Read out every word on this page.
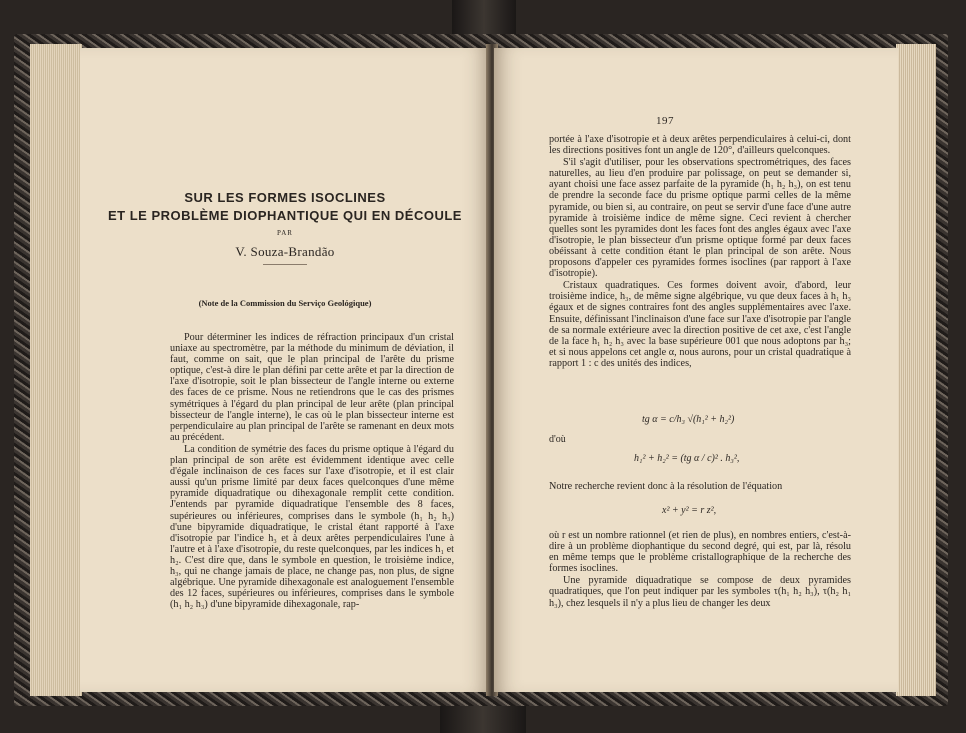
SUR LES FORMES ISOCLINES
ET LE PROBLÈME DIOPHANTIQUE QUI EN DÉCOULE
PAR
V. Souza-Brandão
(Note de la Commission du Serviço Geológique)

Pour déterminer les indices de réfraction principaux d'un cristal uniaxe au spectromètre, par la méthode du minimum de déviation, il faut, comme on sait, que le plan principal de l'arête du prisme optique, c'est-à dire le plan défini par cette arête et par la direction de l'axe d'isotropie, soit le plan bissecteur de l'angle interne ou externe des faces de ce prisme. Nous ne retiendrons que le cas des prismes symétriques à l'égard du plan principal de leur arête (plan principal bissecteur de l'angle interne), le cas où le plan bissecteur interne est perpendiculaire au plan principal de l'arête se ramenant en deux mots au précédent.

La condition de symétrie des faces du prisme optique à l'égard du plan principal de son arête est évidemment identique avec celle d'égale inclinaison de ces faces sur l'axe d'isotropie, et il est clair aussi qu'un prisme limité par deux faces quelconques d'une même pyramide diquadratique ou dihexagonale remplit cette condition. J'entends par pyramide diquadratique l'ensemble des 8 faces, supérieures ou inférieures, comprises dans le symbole (h₁ h₂ h₃) d'une bipyramide diquadratique, le cristal étant rapporté à l'axe d'isotropie par l'indice h₃ et à deux arêtes perpendiculaires l'une à l'autre et à l'axe d'isotropie, du reste quelconques, par les indices h₁ et h₂. C'est dire que, dans le symbole en question, le troisième indice, h₃, qui ne change jamais de place, ne change pas, non plus, de signe algébrique. Une pyramide dihexagonale est analoguement l'ensemble des 12 faces, supérieures ou inférieures, comprises dans le symbole (h₁ h₂ h₃) d'une bipyramide dihexagonale, rap-

197

portée à l'axe d'isotropie et à deux arêtes perpendiculaires à celui-ci, dont les directions positives font un angle de 120°, d'ailleurs quelconques.

S'il s'agit d'utiliser, pour les observations spectrométriques, des faces naturelles, au lieu d'en produire par polissage, on peut se demander si, ayant choisi une face assez parfaite de la pyramide (h₁ h₂ h₃), on est tenu de prendre la seconde face du prisme optique parmi celles de la même pyramide, ou bien si, au contraire, on peut se servir d'une face d'une autre pyramide à troisième indice de même signe. Ceci revient à chercher quelles sont les pyramides dont les faces font des angles égaux avec l'axe d'isotropie, le plan bissecteur d'un prisme optique formé par deux faces obéissant à cette condition étant le plan principal de son arête. Nous proposons d'appeler ces pyramides formes isoclines (par rapport à l'axe d'isotropie).

Cristaux quadratiques. Ces formes doivent avoir, d'abord, leur troisième indice, h₃, de même signe algébrique, vu que deux faces à h₁ h₃ égaux et de signes contraires font des angles supplémentaires avec l'axe. Ensuite, définissant l'inclinaison d'une face sur l'axe d'isotropie par l'angle de sa normale extérieure avec la direction positive de cet axe, c'est l'angle de la face h₁ h₂ h₃ avec la base supérieure 001 que nous adoptons par h₃; et si nous appelons cet angle α, nous aurons, pour un cristal quadratique à rapport 1 : c des unités des indices,

tg α = c/h₃ √(h₁² + h₂²)
d'où
h₁² + h₂² = (tg α / c)² . h₃²,
Notre recherche revient donc à la résolution de l'équation
x² + y² = r z²,

où r est un nombre rationnel (et rien de plus), en nombres entiers, c'est-à-dire à un problème diophantique du second degré, qui est, par là, résolu en même temps que le problème cristallographique de la recherche des formes isoclines.

Une pyramide diquadratique se compose de deux pyramides quadratiques, que l'on peut indiquer par les symboles τ(h₁ h₂ h₃), τ(h₂ h₁ h₃), chez lesquels il n'y a plus lieu de changer les deux
